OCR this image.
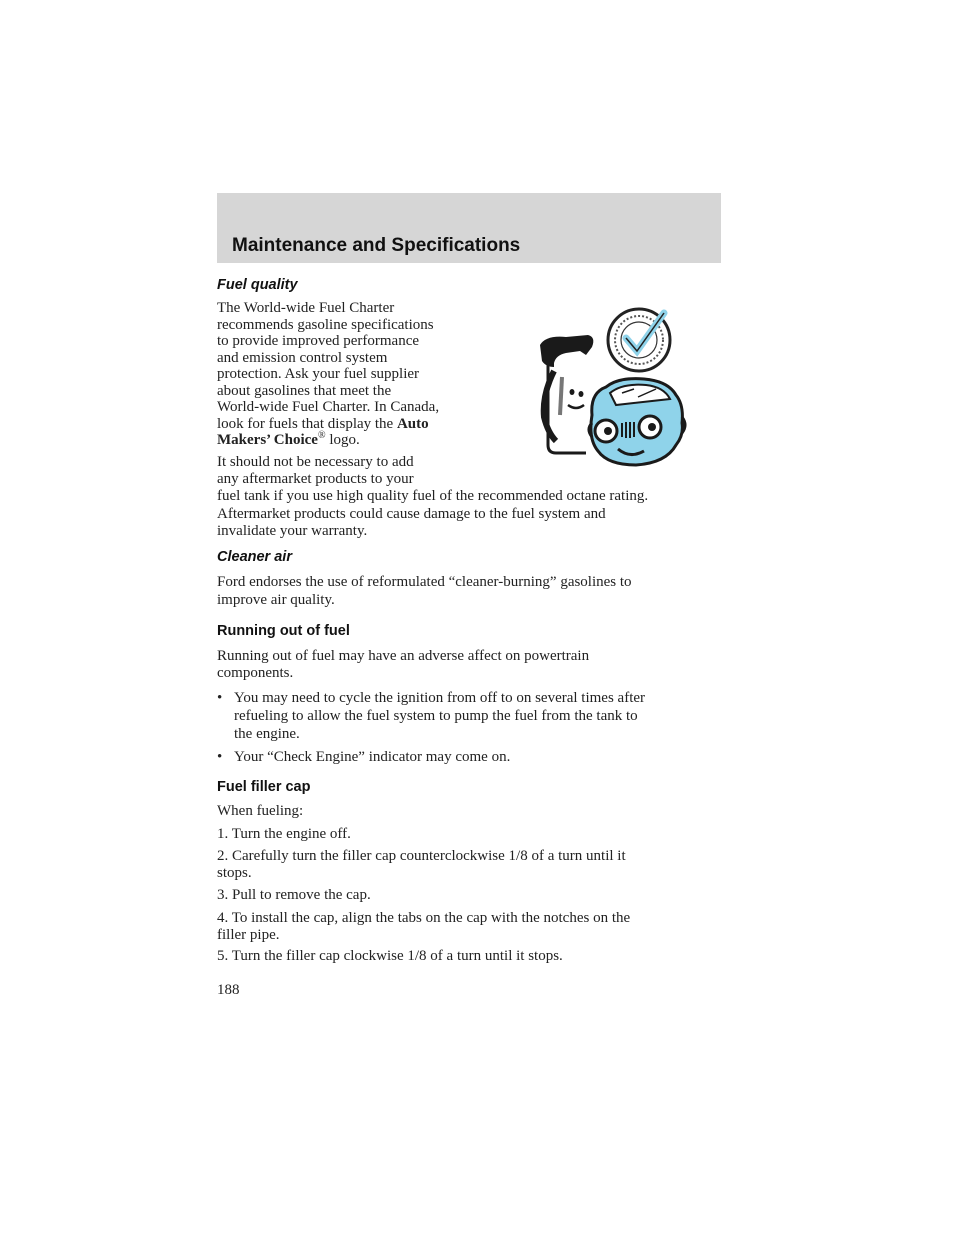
Maintenance and Specifications
Fuel quality
The World-wide Fuel Charter
recommends gasoline specifications
to provide improved performance
and emission control system
protection. Ask your fuel supplier
about gasolines that meet the
World-wide Fuel Charter. In Canada,
look for fuels that display the Auto
Makers’ Choice® logo.
It should not be necessary to add
any aftermarket products to your
fuel tank if you use high quality fuel of the recommended octane rating.
Aftermarket products could cause damage to the fuel system and
invalidate your warranty.
Cleaner air
Ford endorses the use of reformulated “cleaner-burning” gasolines to
improve air quality.
Running out of fuel
Running out of fuel may have an adverse affect on powertrain
components.
• You may need to cycle the ignition from off to on several times after
refueling to allow the fuel system to pump the fuel from the tank to
the engine.
• Your “Check Engine” indicator may come on.
Fuel filler cap

When fueling:

1. Turn the engine off.

2. Carefully turn the filler cap counterclockwise 1/8 of a turn until it
stops.

3. Pull to remove the cap.

4. To install the cap, align the tabs on the cap with the notches on the
filler pipe.

5. Turn the filler cap clockwise 1/8 of a turn until it stops.

188
